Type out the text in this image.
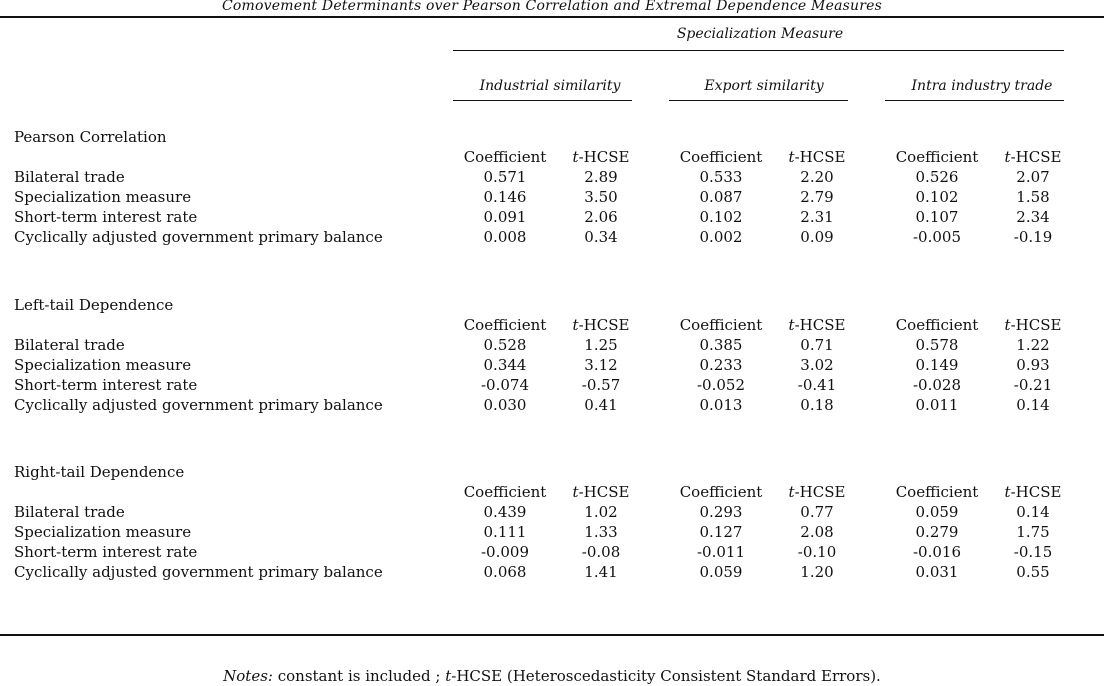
Comovement Determinants over Pearson Correlation and Extremal Dependence Measures
Specialization Measure
Industrial similarity	Export similarity	Intra industry trade
Pearson Correlation
Coefficient	t-HCSE	Coefficient	t-HCSE	Coefficient	t-HCSE
Bilateral trade	0.571	2.89	0.533	2.20	0.526	2.07
Specialization measure	0.146	3.50	0.087	2.79	0.102	1.58
Short-term interest rate	0.091	2.06	0.102	2.31	0.107	2.34
Cyclically adjusted government primary balance	0.008	0.34	0.002	0.09	-0.005	-0.19
Left-tail Dependence
Coefficient	t-HCSE	Coefficient	t-HCSE	Coefficient	t-HCSE
Bilateral trade	0.528	1.25	0.385	0.71	0.578	1.22
Specialization measure	0.344	3.12	0.233	3.02	0.149	0.93
Short-term interest rate	-0.074	-0.57	-0.052	-0.41	-0.028	-0.21
Cyclically adjusted government primary balance	0.030	0.41	0.013	0.18	0.011	0.14
Right-tail Dependence
Coefficient	t-HCSE	Coefficient	t-HCSE	Coefficient	t-HCSE
Bilateral trade	0.439	1.02	0.293	0.77	0.059	0.14
Specialization measure	0.111	1.33	0.127	2.08	0.279	1.75
Short-term interest rate	-0.009	-0.08	-0.011	-0.10	-0.016	-0.15
Cyclically adjusted government primary balance	0.068	1.41	0.059	1.20	0.031	0.55
Notes: constant is included ; t-HCSE (Heteroscedasticity Consistent Standard Errors).
